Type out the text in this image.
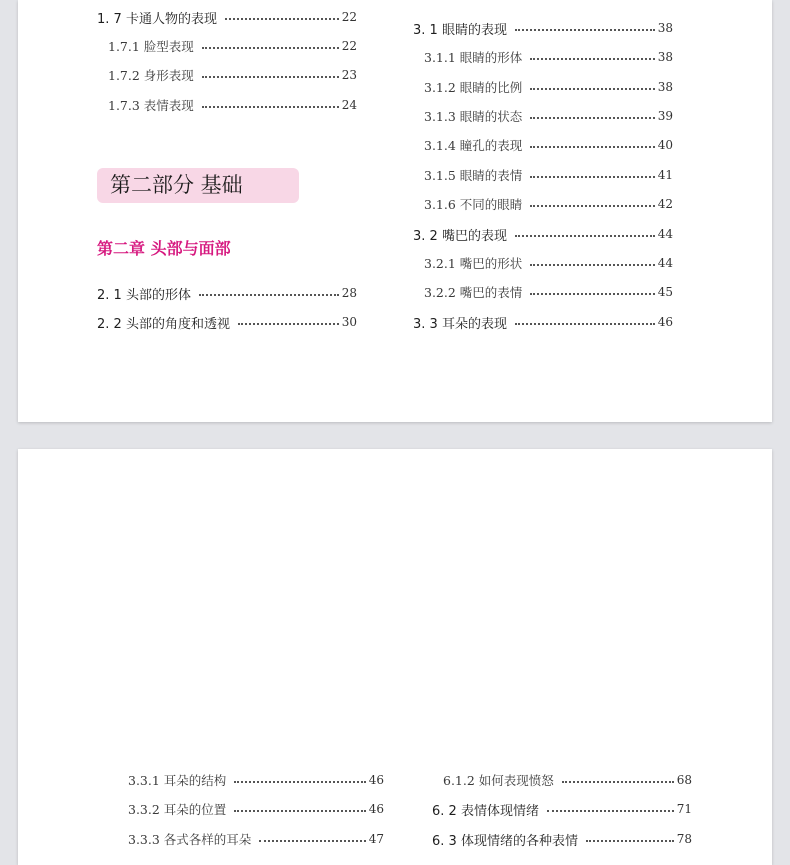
1. 7 卡通人物的表现	22
1.7.1 脸型表现	22
1.7.2 身形表现	23
1.7.3 表情表现	24
第二部分 基础
第二章 头部与面部
2. 1 头部的形体	28
2. 2 头部的角度和透视	30
3. 1 眼睛的表现	38
3.1.1 眼睛的形体	38
3.1.2 眼睛的比例	38
3.1.3 眼睛的状态	39
3.1.4 瞳孔的表现	40
3.1.5 眼睛的表情	41
3.1.6 不同的眼睛	42
3. 2 嘴巴的表现	44
3.2.1 嘴巴的形状	44
3.2.2 嘴巴的表情	45
3. 3 耳朵的表现	46
3.3.1 耳朵的结构	46
3.3.2 耳朵的位置	46
3.3.3 各式各样的耳朵	47
6.1.2 如何表现愤怒	68
6. 2 表情体现情绪	71
6. 3 体现情绪的各种表情	78
